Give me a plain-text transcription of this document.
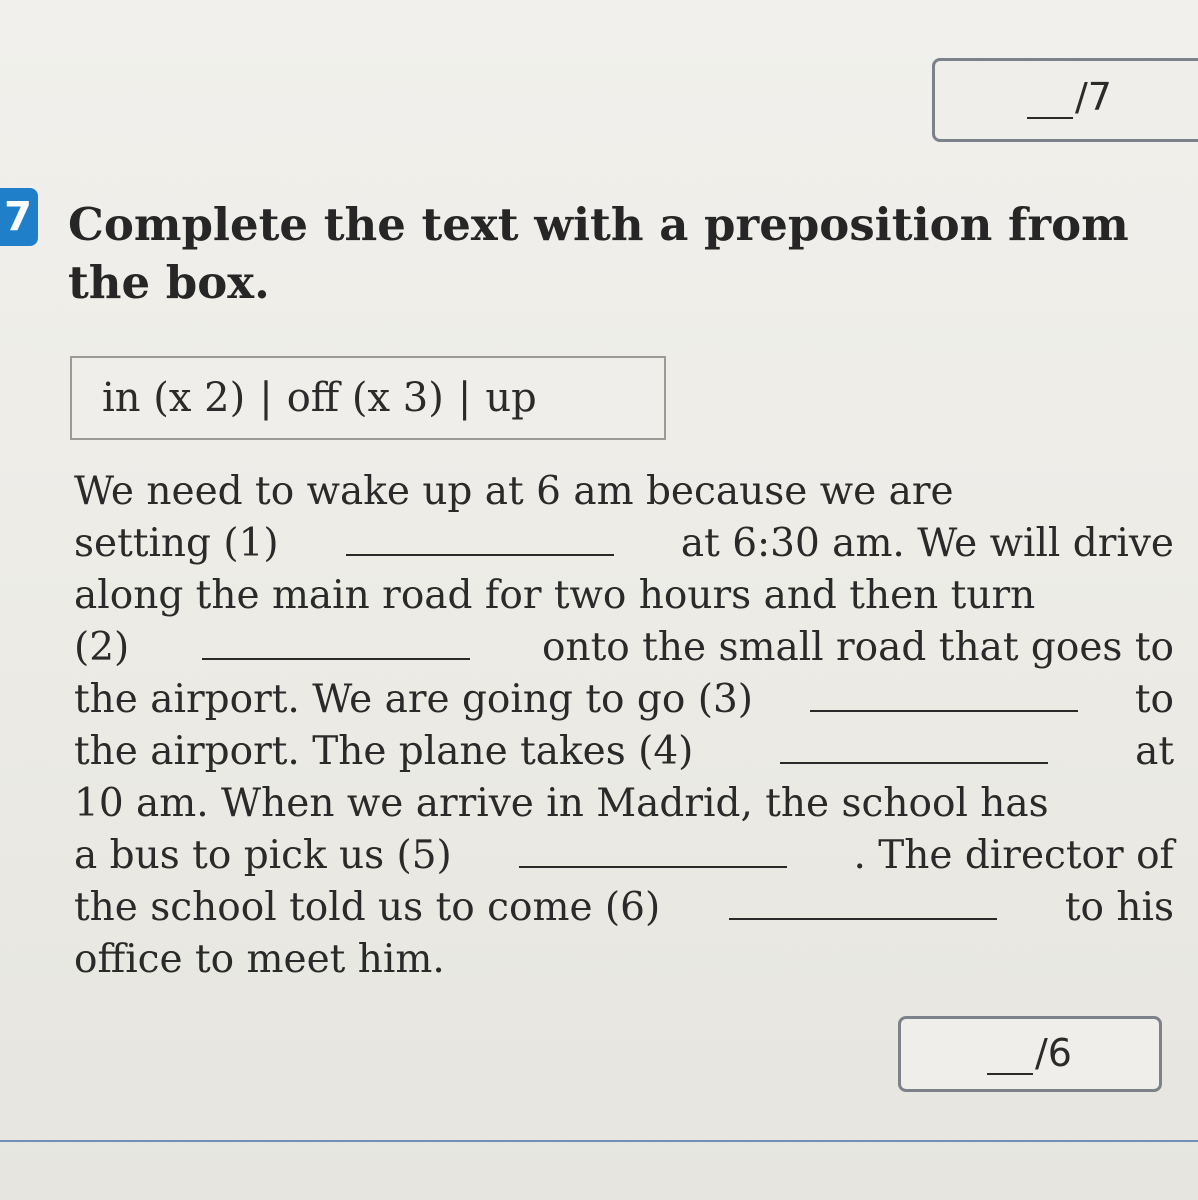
/7
7 Complete the text with a preposition from
the box.
in (x 2) | off (x 3) | up
We need to wake up at 6 am because we are
setting (1)	at 6:30 am. We will drive
along the main road for two hours and then turn
(2)	onto the small road that goes to
the airport. We are going to go (3)	to
the airport. The plane takes (4)	at
10 am. When we arrive in Madrid, the school has
a bus to pick us (5)	. The director of
the school told us to come (6)	to his
office to meet him.
/6
